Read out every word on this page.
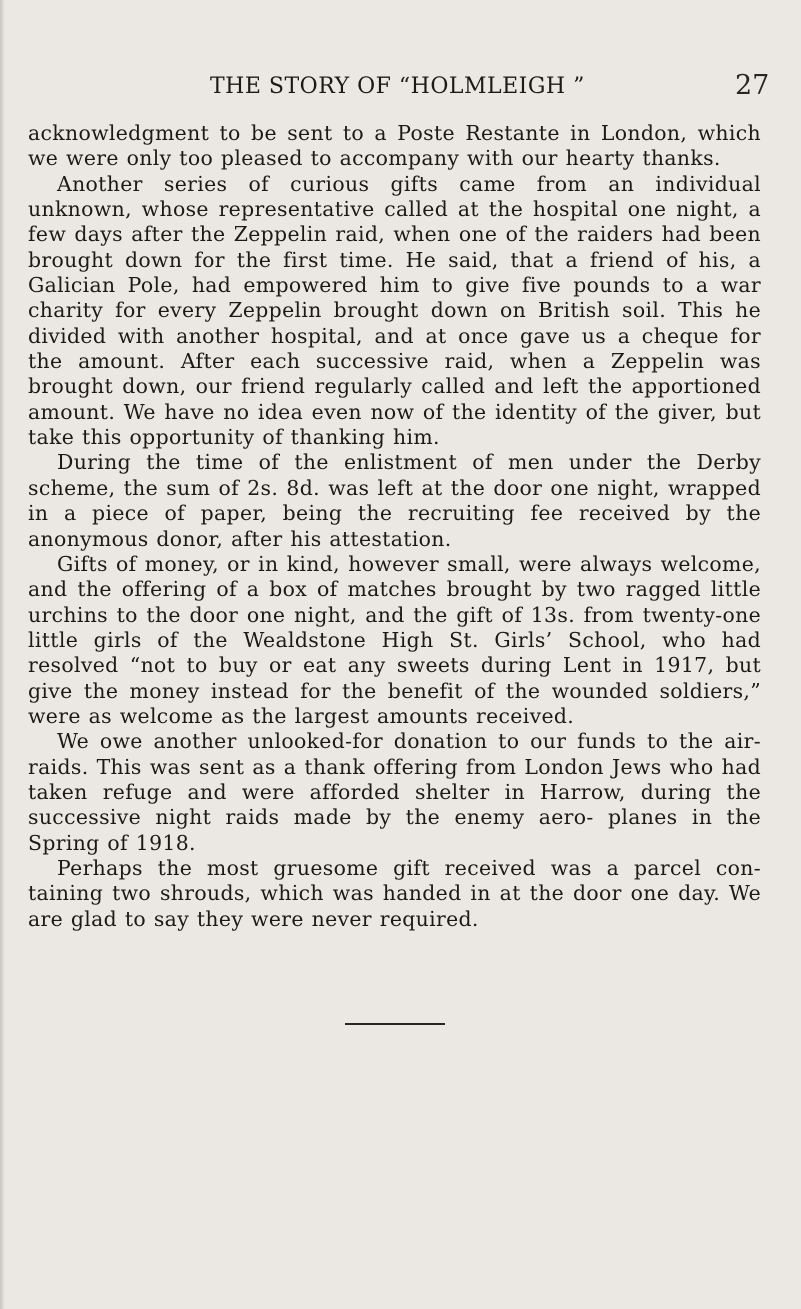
THE STORY OF “HOLMLEIGH ”	27

acknowledgment to be sent to a Poste Restante in London, which we were only too pleased to accompany with our hearty thanks.

Another series of curious gifts came from an individual unknown, whose representative called at the hospital one night, a few days after the Zeppelin raid, when one of the raiders had been brought down for the first time. He said, that a friend of his, a Galician Pole, had empowered him to give five pounds to a war charity for every Zeppelin brought down on British soil. This he divided with another hospital, and at once gave us a cheque for the amount. After each successive raid, when a Zeppelin was brought down, our friend regularly called and left the apportioned amount. We have no idea even now of the identity of the giver, but take this opportunity of thanking him.

During the time of the enlistment of men under the Derby scheme, the sum of 2s. 8d. was left at the door one night, wrapped in a piece of paper, being the recruiting fee received by the anonymous donor, after his attestation.

Gifts of money, or in kind, however small, were always welcome, and the offering of a box of matches brought by two ragged little urchins to the door one night, and the gift of 13s. from twenty-one little girls of the Wealdstone High St. Girls’ School, who had resolved “not to buy or eat any sweets during Lent in 1917, but give the money instead for the benefit of the wounded soldiers,” were as welcome as the largest amounts received.

We owe another unlooked-for donation to our funds to the air-raids. This was sent as a thank offering from London Jews who had taken refuge and were afforded shelter in Harrow, during the successive night raids made by the enemy aero- planes in the Spring of 1918.

Perhaps the most gruesome gift received was a parcel con- taining two shrouds, which was handed in at the door one day. We are glad to say they were never required.
